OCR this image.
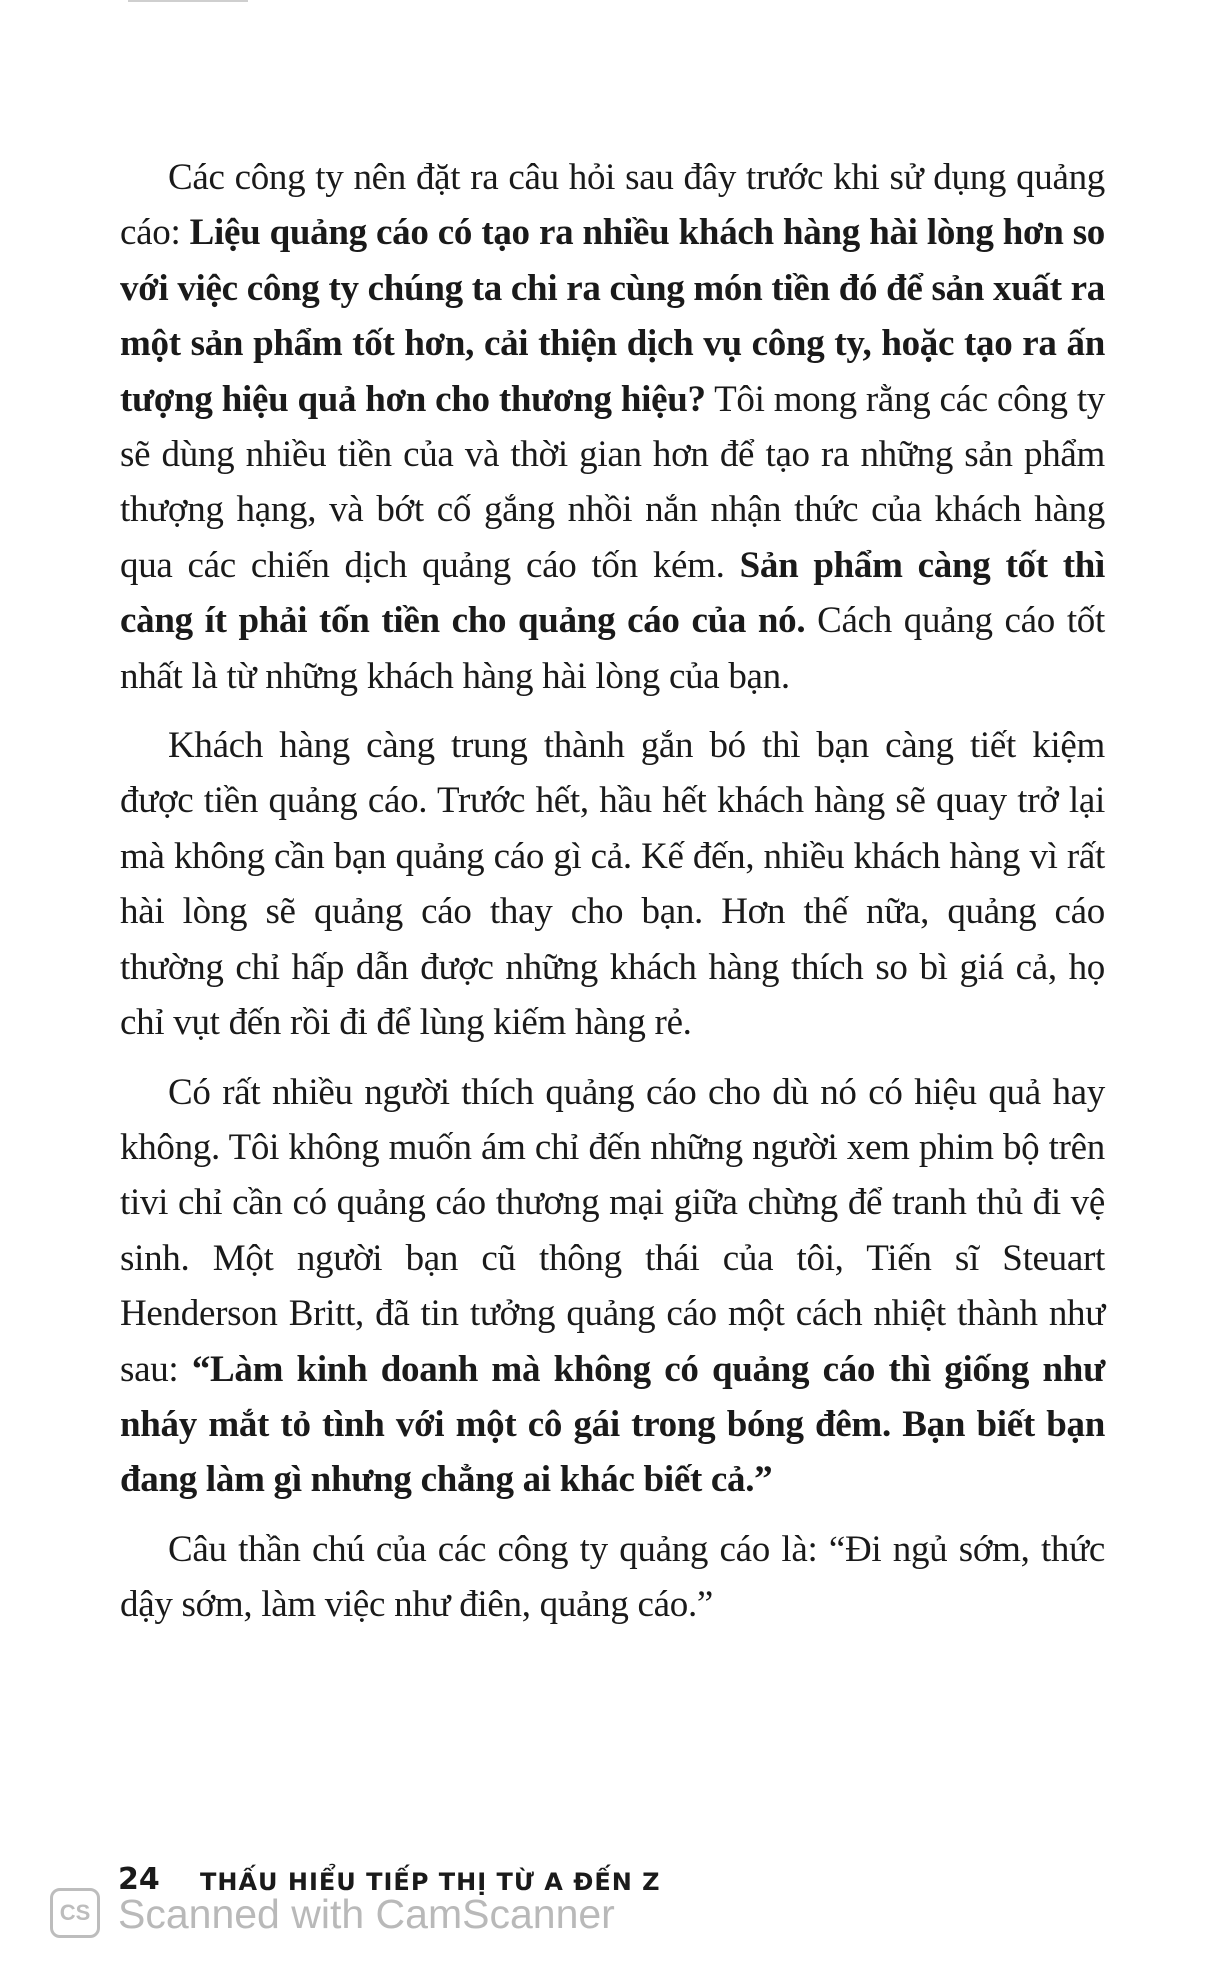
Các công ty nên đặt ra câu hỏi sau đây trước khi sử dụng quảng cáo: Liệu quảng cáo có tạo ra nhiều khách hàng hài lòng hơn so với việc công ty chúng ta chi ra cùng món tiền đó để sản xuất ra một sản phẩm tốt hơn, cải thiện dịch vụ công ty, hoặc tạo ra ấn tượng hiệu quả hơn cho thương hiệu? Tôi mong rằng các công ty sẽ dùng nhiều tiền của và thời gian hơn để tạo ra những sản phẩm thượng hạng, và bớt cố gắng nhồi nắn nhận thức của khách hàng qua các chiến dịch quảng cáo tốn kém. Sản phẩm càng tốt thì càng ít phải tốn tiền cho quảng cáo của nó. Cách quảng cáo tốt nhất là từ những khách hàng hài lòng của bạn.

Khách hàng càng trung thành gắn bó thì bạn càng tiết kiệm được tiền quảng cáo. Trước hết, hầu hết khách hàng sẽ quay trở lại mà không cần bạn quảng cáo gì cả. Kế đến, nhiều khách hàng vì rất hài lòng sẽ quảng cáo thay cho bạn. Hơn thế nữa, quảng cáo thường chỉ hấp dẫn được những khách hàng thích so bì giá cả, họ chỉ vụt đến rồi đi để lùng kiếm hàng rẻ.

Có rất nhiều người thích quảng cáo cho dù nó có hiệu quả hay không. Tôi không muốn ám chỉ đến những người xem phim bộ trên tivi chỉ cần có quảng cáo thương mại giữa chừng để tranh thủ đi vệ sinh. Một người bạn cũ thông thái của tôi, Tiến sĩ Steuart Henderson Britt, đã tin tưởng quảng cáo một cách nhiệt thành như sau: “Làm kinh doanh mà không có quảng cáo thì giống như nháy mắt tỏ tình với một cô gái trong bóng đêm. Bạn biết bạn đang làm gì nhưng chẳng ai khác biết cả.”

Câu thần chú của các công ty quảng cáo là: “Đi ngủ sớm, thức dậy sớm, làm việc như điên, quảng cáo.”

24 THẤU HIỂU TIẾP THỊ TỪ A ĐẾN Z
CS Scanned with CamScanner
